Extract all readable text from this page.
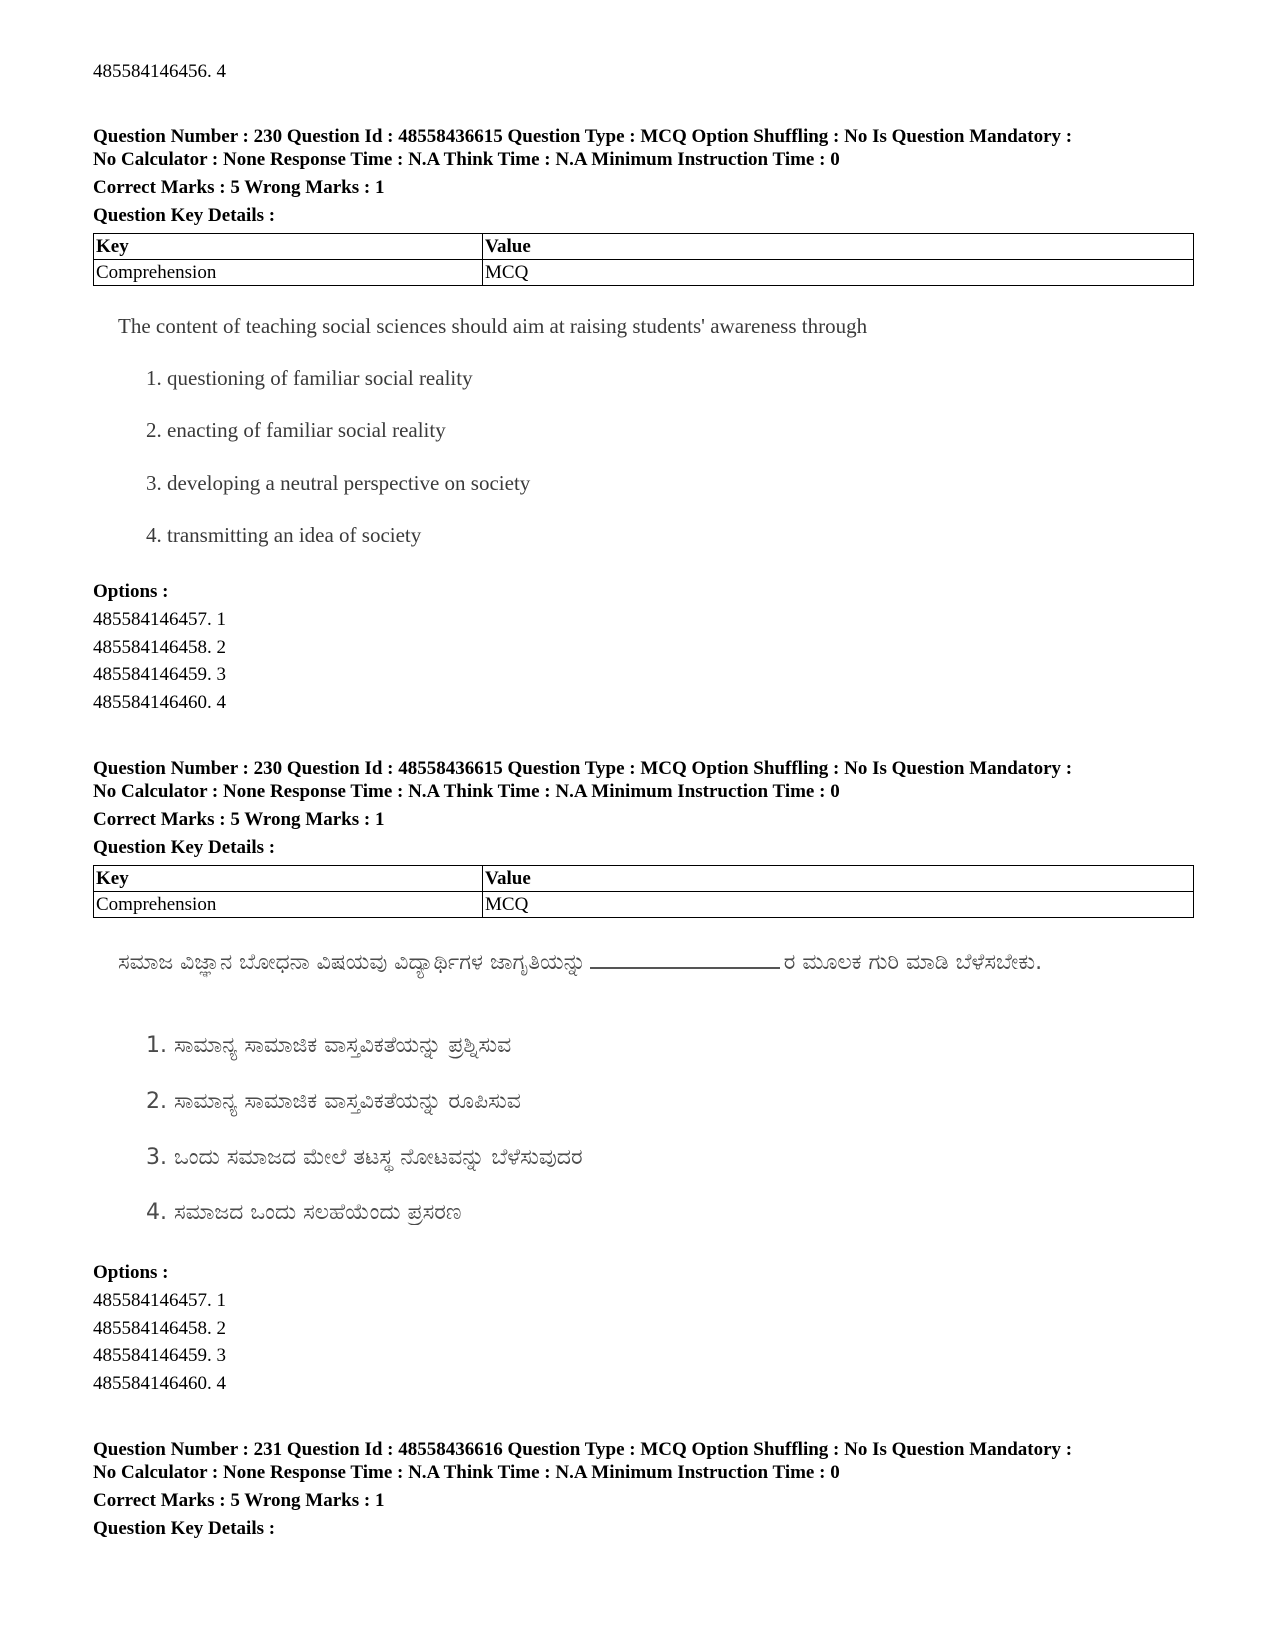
485584146456. 4
Question Number : 230 Question Id : 48558436615 Question Type : MCQ Option Shuffling : No Is Question Mandatory :
No Calculator : None Response Time : N.A Think Time : N.A Minimum Instruction Time : 0
Correct Marks : 5 Wrong Marks : 1
Question Key Details :
Key	Value
Comprehension	MCQ
The content of teaching social sciences should aim at raising students' awareness through
1. questioning of familiar social reality
2. enacting of familiar social reality
3. developing a neutral perspective on society
4. transmitting an idea of society
Options :
485584146457. 1
485584146458. 2
485584146459. 3
485584146460. 4
Question Number : 230 Question Id : 48558436615 Question Type : MCQ Option Shuffling : No Is Question Mandatory :
No Calculator : None Response Time : N.A Think Time : N.A Minimum Instruction Time : 0
Correct Marks : 5 Wrong Marks : 1
Question Key Details :
Key	Value
Comprehension	MCQ
ಸಮಾಜ ವಿಜ್ಞಾನ ಬೋಧನಾ ವಿಷಯವು ವಿದ್ಯಾರ್ಥಿಗಳ ಜಾಗೃತಿಯನ್ನು	ರ ಮೂಲಕ ಗುರಿ ಮಾಡಿ ಬೆಳೆಸಬೇಕು.
1. ಸಾಮಾನ್ಯ ಸಾಮಾಜಿಕ ವಾಸ್ತವಿಕತೆಯನ್ನು ಪ್ರಶ್ನಿಸುವ
2. ಸಾಮಾನ್ಯ ಸಾಮಾಜಿಕ ವಾಸ್ತವಿಕತೆಯನ್ನು ರೂಪಿಸುವ
3. ಒಂದು ಸಮಾಜದ ಮೇಲೆ ತಟಸ್ಥ ನೋಟವನ್ನು ಬೆಳೆಸುವುದರ
4. ಸಮಾಜದ ಒಂದು ಸಲಹೆಯೆಂದು ಪ್ರಸರಣ
Options :
485584146457. 1
485584146458. 2
485584146459. 3
485584146460. 4
Question Number : 231 Question Id : 48558436616 Question Type : MCQ Option Shuffling : No Is Question Mandatory :
No Calculator : None Response Time : N.A Think Time : N.A Minimum Instruction Time : 0
Correct Marks : 5 Wrong Marks : 1
Question Key Details :
